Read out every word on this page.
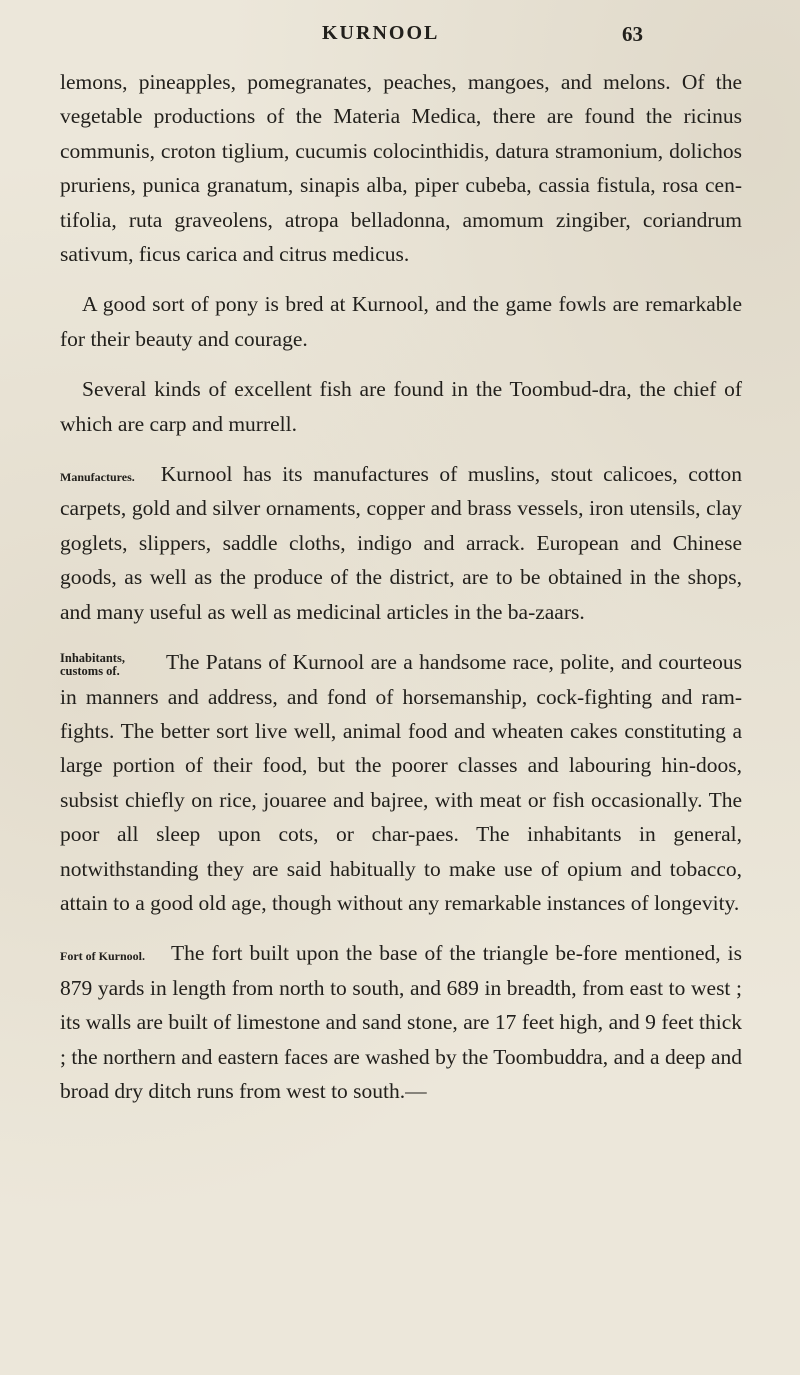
KURNOOL	63

lemons, pineapples, pomegranates, peaches, mangoes, and melons. Of the vegetable productions of the Materia Medica, there are found the ricinus communis, croton tiglium, cucumis colocinthidis, datura stramonium, dolichos pruriens, punica granatum, sinapis alba, piper cubeba, cassia fistula, rosa cen-tifolia, ruta graveolens, atropa belladonna, amomum zingiber, coriandrum sativum, ficus carica and citrus medicus.

A good sort of pony is bred at Kurnool, and the game fowls are remarkable for their beauty and courage.

Several kinds of excellent fish are found in the Toombud-dra, the chief of which are carp and murrell.

Manufactures. Kurnool has its manufactures of muslins, stout calicoes, cotton carpets, gold and silver ornaments, copper and brass vessels, iron utensils, clay goglets, slippers, saddle cloths, indigo and arrack. European and Chinese goods, as well as the produce of the district, are to be obtained in the shops, and many useful as well as medicinal articles in the ba-zaars.

Inhabitants, customs of. The Patans of Kurnool are a handsome race, polite, and courteous in manners and address, and fond of horsemanship, cock-fighting and ram-fights. The better sort live well, animal food and wheaten cakes constituting a large portion of their food, but the poorer classes and labouring hin-doos, subsist chiefly on rice, jouaree and bajree, with meat or fish occasionally. The poor all sleep upon cots, or char-paes. The inhabitants in general, notwithstanding they are said habitually to make use of opium and tobacco, attain to a good old age, though without any remarkable instances of longevity.

Fort of Kurnool. The fort built upon the base of the triangle be-fore mentioned, is 879 yards in length from north to south, and 689 in breadth, from east to west ; its walls are built of limestone and sand stone, are 17 feet high, and 9 feet thick ; the northern and eastern faces are washed by the Toombuddra, and a deep and broad dry ditch runs from west to south.—
